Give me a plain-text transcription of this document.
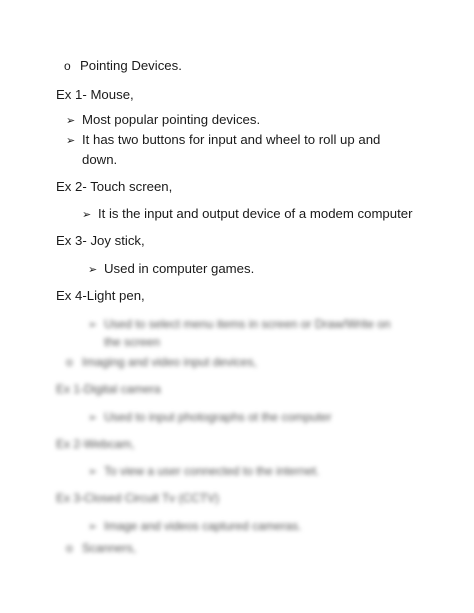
o Pointing Devices.
Ex 1- Mouse,
➢ Most popular pointing devices.
➢ It has two buttons for input and wheel to roll up and
down.
Ex 2- Touch screen,
➢ It is the input and output device of a modem computer
Ex 3- Joy stick,
➢ Used in computer games.
Ex 4-Light pen,
➢ Used to select menu items in screen or Draw/Write on
the screen
o Imaging and video input devices,
Ex 1-Digital camera
➢ Used to input photographs ot the computer
Ex 2-Webcam,
➢ To view a user connected to the internet.
Ex 3-Closed Circuit Tv (CCTV)
➢ Image and videos captured cameras.
o Scanners,
